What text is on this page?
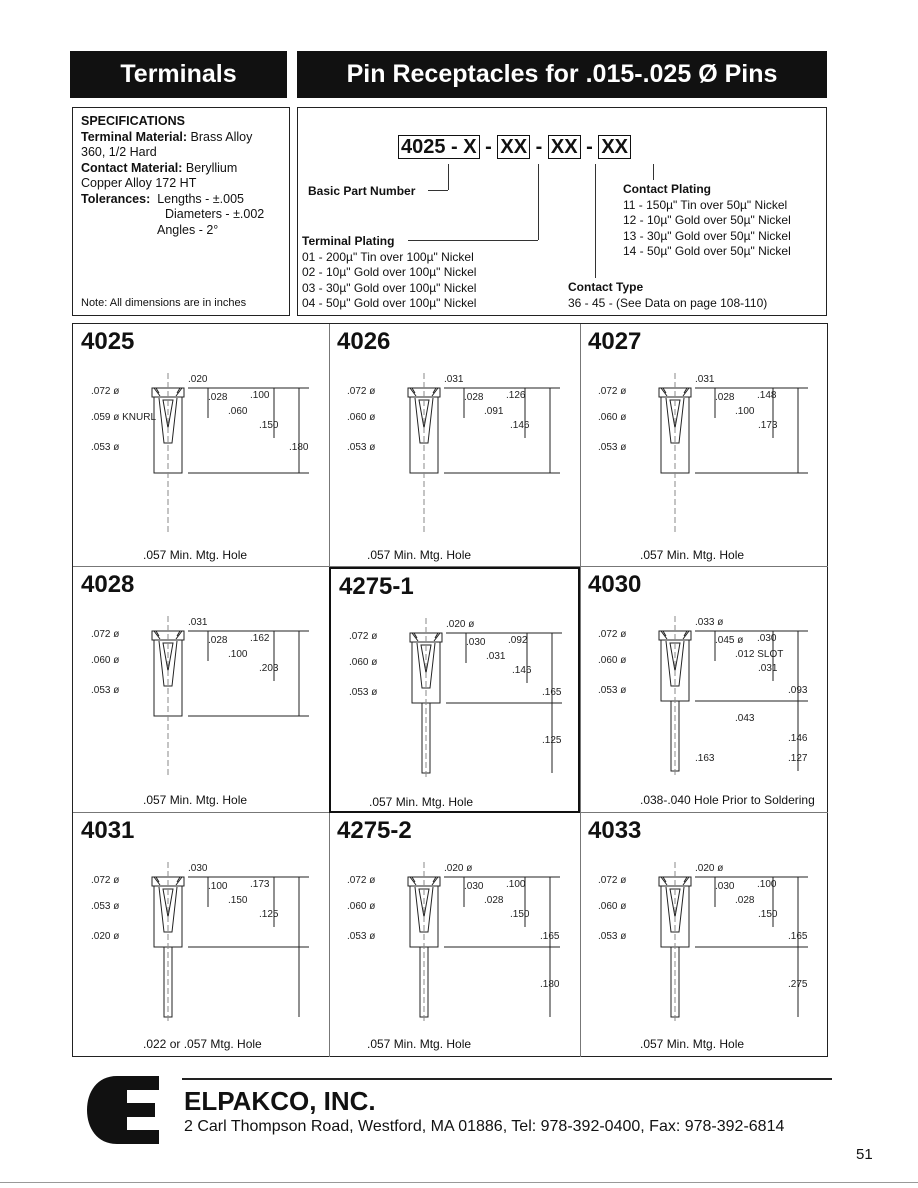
Terminals	Pin Receptacles for .015-.025 Ø Pins
SPECIFICATIONS
Terminal Material: Brass Alloy
360, 1/2 Hard
Contact Material: Beryllium
Copper Alloy 172 HT
Tolerances: Lengths - ±.005
Diameters - ±.002
Angles - 2°
Note: All dimensions are in inches
4025 - X - XX - XX - XX
Basic Part Number
Terminal Plating
01 - 200µ" Tin over 100µ" Nickel
02 - 10µ" Gold over 100µ" Nickel
03 - 30µ" Gold over 100µ" Nickel
04 - 50µ" Gold over 100µ" Nickel
Contact Plating
11 - 150µ" Tin over 50µ" Nickel
12 - 10µ" Gold over 50µ" Nickel
13 - 30µ" Gold over 50µ" Nickel
14 - 50µ" Gold over 50µ" Nickel
Contact Type
36 - 45 - (See Data on page 108-110)
4025
.072 ø
.059 ø KNURL
.053 ø
.020
.028
.060
.100
.150
.180
.057 Min. Mtg. Hole
4026
.072 ø
.060 ø
.053 ø
.031
.028
.091
.126
.146
.057 Min. Mtg. Hole
4027
.072 ø
.060 ø
.053 ø
.031
.028
.100
.148
.173
.057 Min. Mtg. Hole
4028
.072 ø
.060 ø
.053 ø
.031
.028
.100
.162
.203
.057 Min. Mtg. Hole
4275-1
.072 ø
.060 ø
.053 ø
.020 ø
.030
.031
.092
.146
.165
.125
.057 Min. Mtg. Hole
4030
.072 ø
.060 ø
.053 ø
.033 ø
.045 ø
.012 SLOT
.030
.031
.093
.146
.163
.043
.127
.038-.040 Hole Prior to Soldering
4031
.072 ø
.053 ø
.020 ø
.030
.100
.150
.173
.125
.022 or .057 Mtg. Hole
4275-2
.072 ø
.060 ø
.053 ø
.020 ø
.030
.028
.100
.150
.165
.180
.057 Min. Mtg. Hole
4033
.072 ø
.060 ø
.053 ø
.020 ø
.030
.028
.100
.150
.165
.275
.057 Min. Mtg. Hole
ELPAKCO, INC.
2 Carl Thompson Road, Westford, MA 01886, Tel: 978-392-0400, Fax: 978-392-6814
51
